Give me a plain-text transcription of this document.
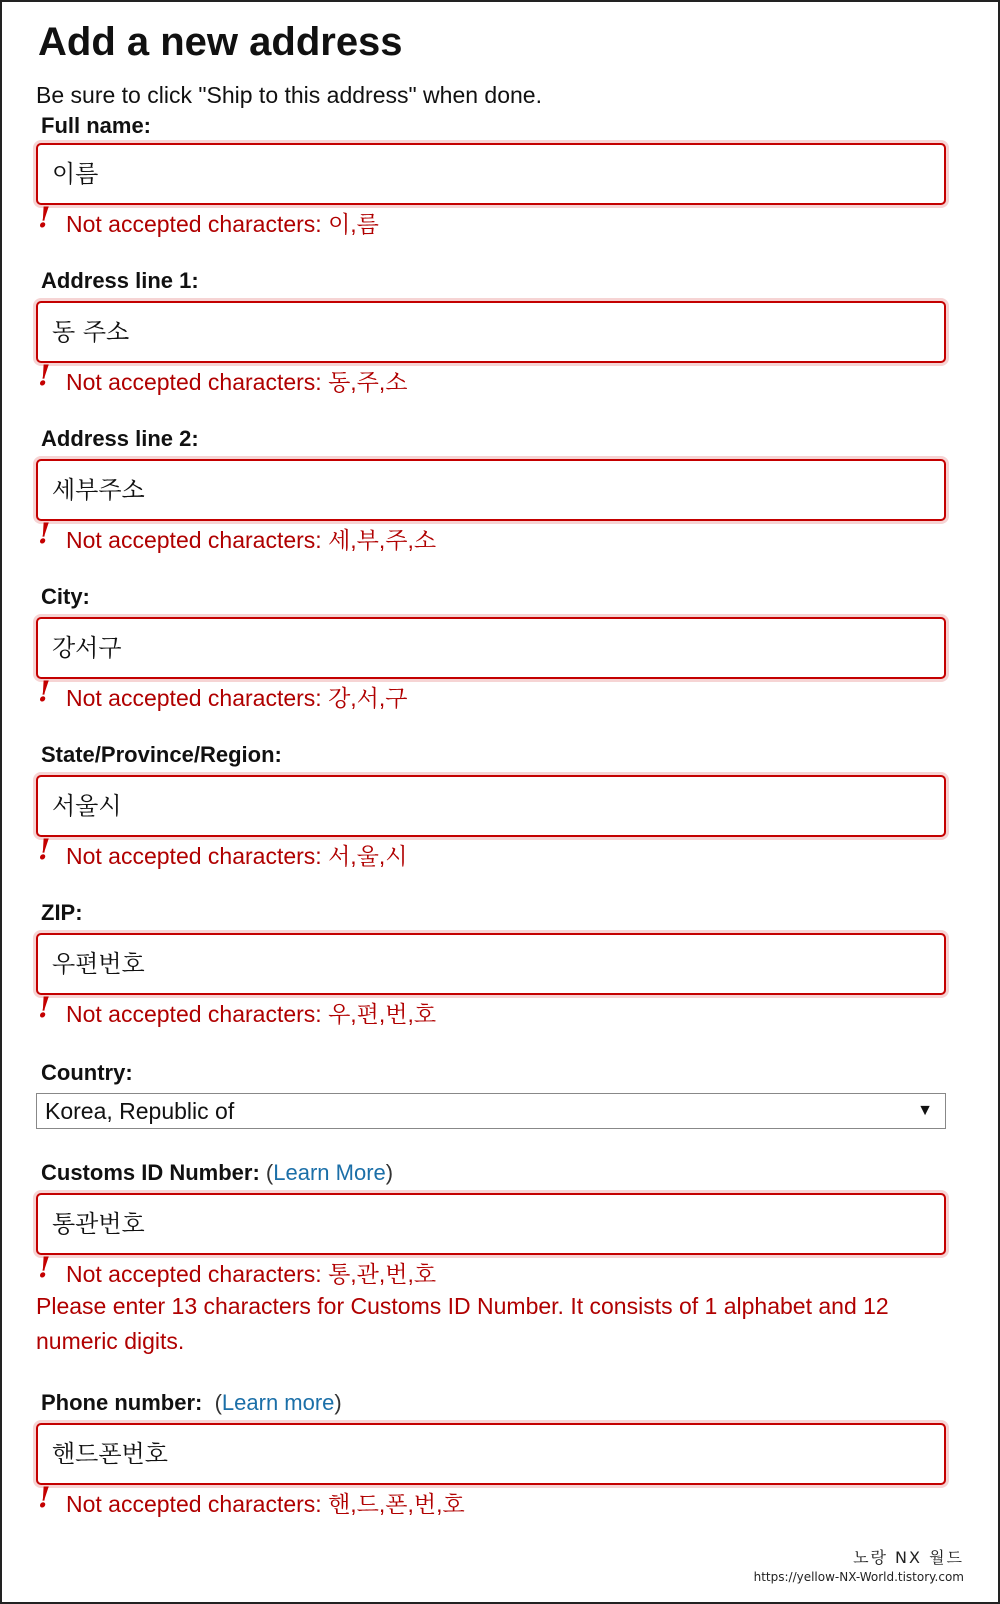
Add a new address
Be sure to click "Ship to this address" when done.
Full name:
이름
! Not accepted characters: 이,름
Address line 1:
동 주소
! Not accepted characters: 동,주,소
Address line 2:
세부주소
! Not accepted characters: 세,부,주,소
City:
강서구
! Not accepted characters: 강,서,구
State/Province/Region:
서울시
! Not accepted characters: 서,울,시
ZIP:
우편번호
! Not accepted characters: 우,편,번,호
Country:
Korea, Republic of	▼
Customs ID Number: (Learn More)
통관번호
! Not accepted characters: 통,관,번,호
Please enter 13 characters for Customs ID Number. It consists of 1 alphabet and 12 numeric digits.
Phone number: (Learn more)
핸드폰번호
! Not accepted characters: 핸,드,폰,번,호
노랑 NX 월드
https://yellow-NX-World.tistory.com
